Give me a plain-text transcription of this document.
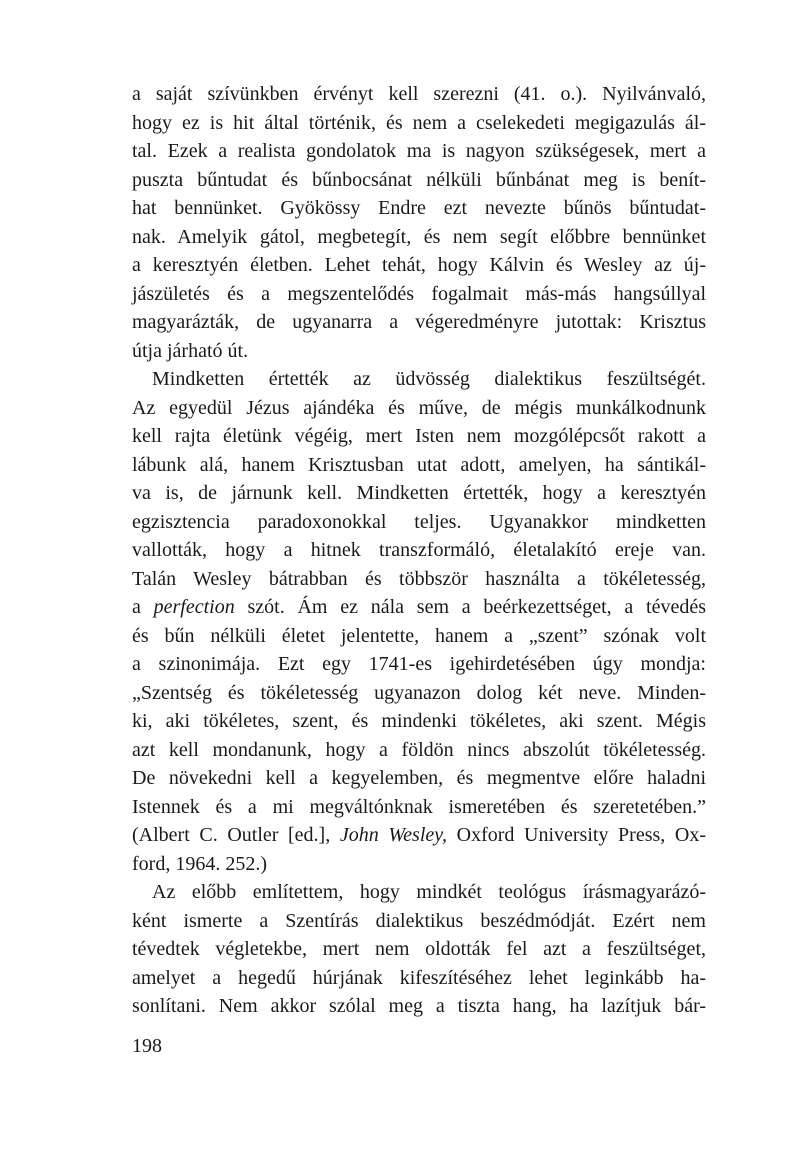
a saját szívünkben érvényt kell szerezni (41. o.). Nyilvánvaló,
hogy ez is hit által történik, és nem a cselekedeti megigazulás ál-
tal. Ezek a realista gondolatok ma is nagyon szükségesek, mert a
puszta bűntudat és bűnbocsánat nélküli bűnbánat meg is benít-
hat bennünket. Gyökössy Endre ezt nevezte bűnös bűntudat-
nak. Amelyik gátol, megbetegít, és nem segít előbbre bennünket
a keresztyén életben. Lehet tehát, hogy Kálvin és Wesley az új-
jászületés és a megszentelődés fogalmait más-más hangsúllyal
magyarázták, de ugyanarra a végeredményre jutottak: Krisztus
útja járható út.
Mindketten értették az üdvösség dialektikus feszültségét.
Az egyedül Jézus ajándéka és műve, de mégis munkálkodnunk
kell rajta életünk végéig, mert Isten nem mozgólépcsőt rakott a
lábunk alá, hanem Krisztusban utat adott, amelyen, ha sántikál-
va is, de járnunk kell. Mindketten értették, hogy a keresztyén
egzisztencia paradoxonokkal teljes. Ugyanakkor mindketten
vallották, hogy a hitnek transzformáló, életalakító ereje van.
Talán Wesley bátrabban és többször használta a tökéletesség,
a perfection szót. Ám ez nála sem a beérkezettséget, a tévedés
és bűn nélküli életet jelentette, hanem a „szent” szónak volt
a szinonimája. Ezt egy 1741-es igehirdetésében úgy mondja:
„Szentség és tökéletesség ugyanazon dolog két neve. Minden-
ki, aki tökéletes, szent, és mindenki tökéletes, aki szent. Mégis
azt kell mondanunk, hogy a földön nincs abszolút tökéletesség.
De növekedni kell a kegyelemben, és megmentve előre haladni
Istennek és a mi megváltónknak ismeretében és szeretetében.”
(Albert C. Outler [ed.], John Wesley, Oxford University Press, Ox-
ford, 1964. 252.)
Az előbb említettem, hogy mindkét teológus írásmagyarázó-
ként ismerte a Szentírás dialektikus beszédmódját. Ezért nem
tévedtek végletekbe, mert nem oldották fel azt a feszültséget,
amelyet a hegedű húrjának kifeszítéséhez lehet leginkább ha-
sonlítani. Nem akkor szólal meg a tiszta hang, ha lazítjuk bár-
198
